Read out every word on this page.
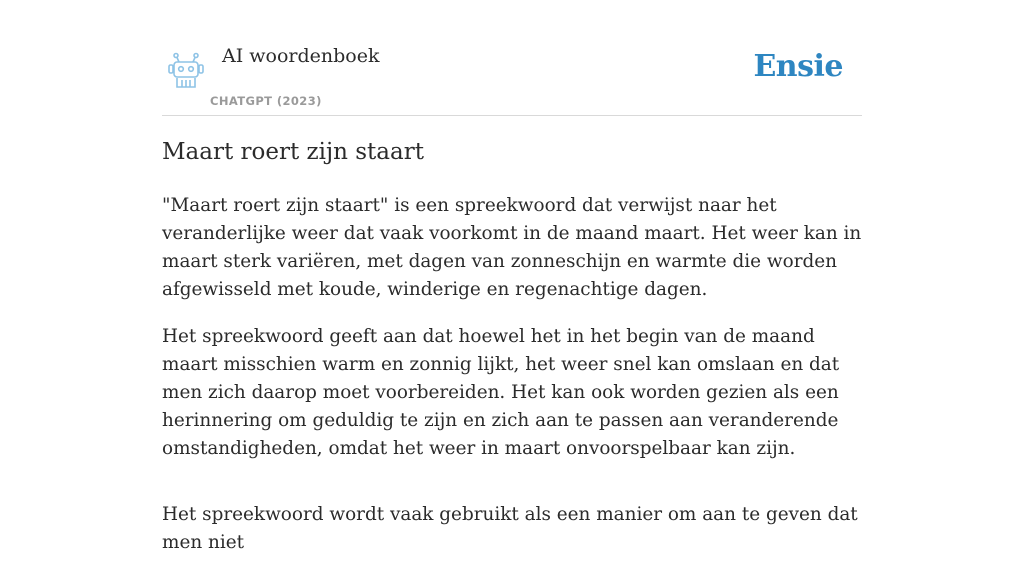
AI woordenboek
CHATGPT (2023)
Ensie
Maart roert zijn staart

"Maart roert zijn staart" is een spreekwoord dat verwijst naar het veranderlijke weer dat vaak voorkomt in de maand maart. Het weer kan in maart sterk variëren, met dagen van zonneschijn en warmte die worden afgewisseld met koude, winderige en regenachtige dagen.

Het spreekwoord geeft aan dat hoewel het in het begin van de maand maart misschien warm en zonnig lijkt, het weer snel kan omslaan en dat men zich daarop moet voorbereiden. Het kan ook worden gezien als een herinnering om geduldig te zijn en zich aan te passen aan veranderende omstandigheden, omdat het weer in maart onvoorspelbaar kan zijn.

Het spreekwoord wordt vaak gebruikt als een manier om aan te geven dat men niet
